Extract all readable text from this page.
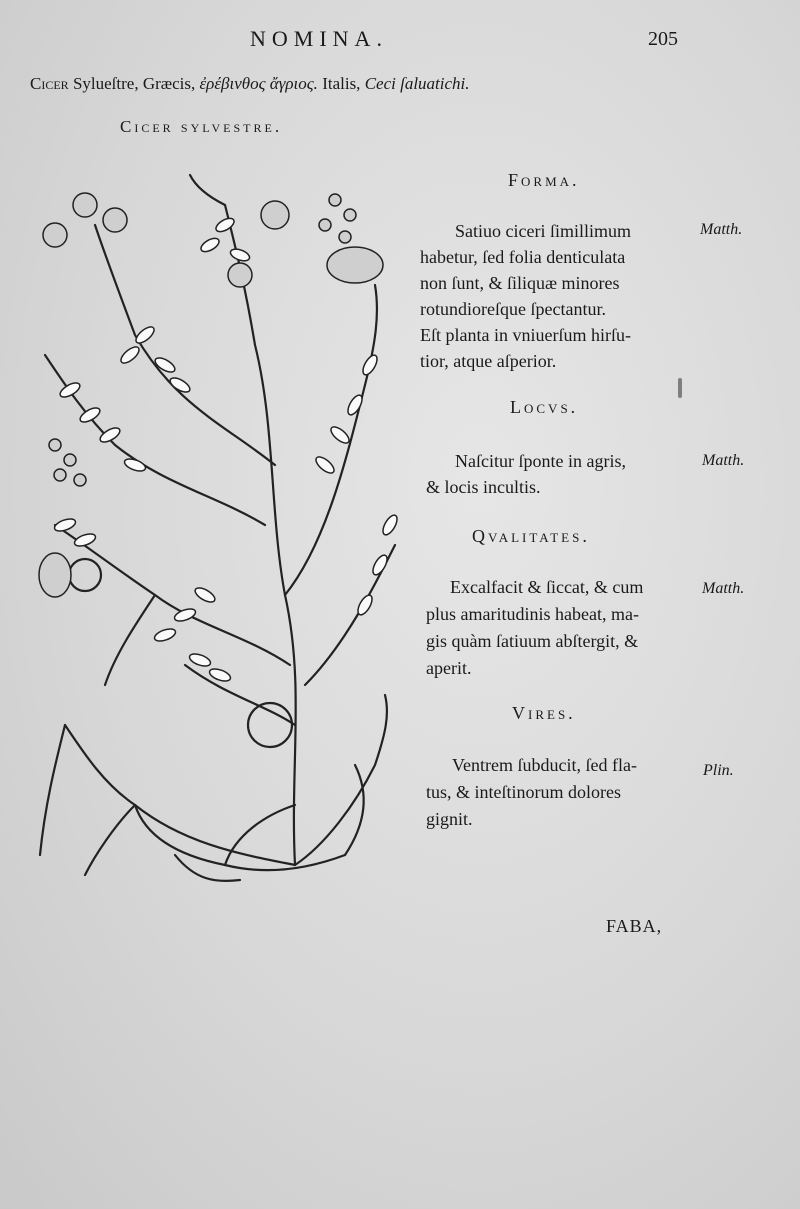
NOMINA.	205
Cicer Sylueſtre, Græcis, ἐρέβινθος ἄγριος. Italis, Ceci ſaluatichi.
Cicer sylvestre.
Forma.
Satiuo ciceri ſimillimum	Matth.
habetur, ſed folia denticulata
non ſunt, & ſiliquæ minores
rotundioreſque ſpectantur.
Eſt planta in vniuerſum hirſu-
tior, atque aſperior.
Locvs.
Naſcitur ſponte in agris,	Matth.
& locis incultis.
Qvalitates.
Excalfacit & ſiccat, & cum	Matth.
plus amaritudinis habeat, ma-
gis quàm ſatiuum abſtergit, &
aperit.
Vires.
Ventrem ſubducit, ſed fla-	Plin.
tus, & inteſtinorum dolores
gignit.
FABA,
